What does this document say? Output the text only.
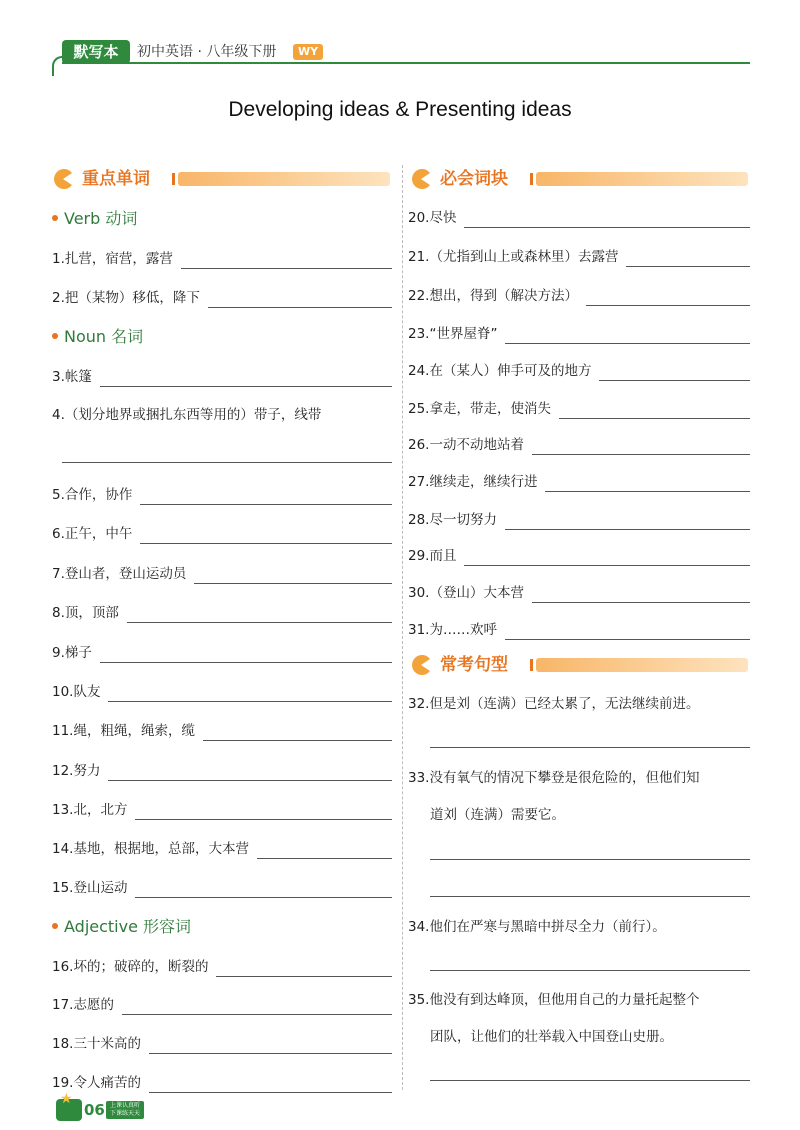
默写本	初中英语 · 八年级下册	WY
Developing ideas & Presenting ideas
重点单词
Verb 动词
1.扎营，宿营，露营
2.把（某物）移低，降下
Noun 名词
3.帐篷
4.（划分地界或捆扎东西等用的）带子，线带
5.合作，协作
6.正午，中午
7.登山者，登山运动员
8.顶，顶部
9.梯子
10.队友
11.绳，粗绳，绳索，缆
12.努力
13.北，北方
14.基地，根据地，总部，大本营
15.登山运动
Adjective 形容词
16.坏的；破碎的，断裂的
17.志愿的
18.三十米高的
19.令人痛苦的
必会词块
20.尽快
21.（尤指到山上或森林里）去露营
22.想出，得到（解决方法）
23.“世界屋脊”
24.在（某人）伸手可及的地方
25.拿走，带走，使消失
26.一动不动地站着
27.继续走，继续行进
28.尽一切努力
29.而且
30.（登山）大本营
31.为……欢呼
常考句型
32.但是刘（连满）已经太累了，无法继续前进。
33.没有氧气的情况下攀登是很危险的，但他们知
道刘（连满）需要它。
34.他们在严寒与黑暗中拼尽全力（前行）。
35.他没有到达峰顶，但他用自己的力量托起整个
团队，让他们的壮举载入中国登山史册。
★
06 上课认真听
下课练天天
